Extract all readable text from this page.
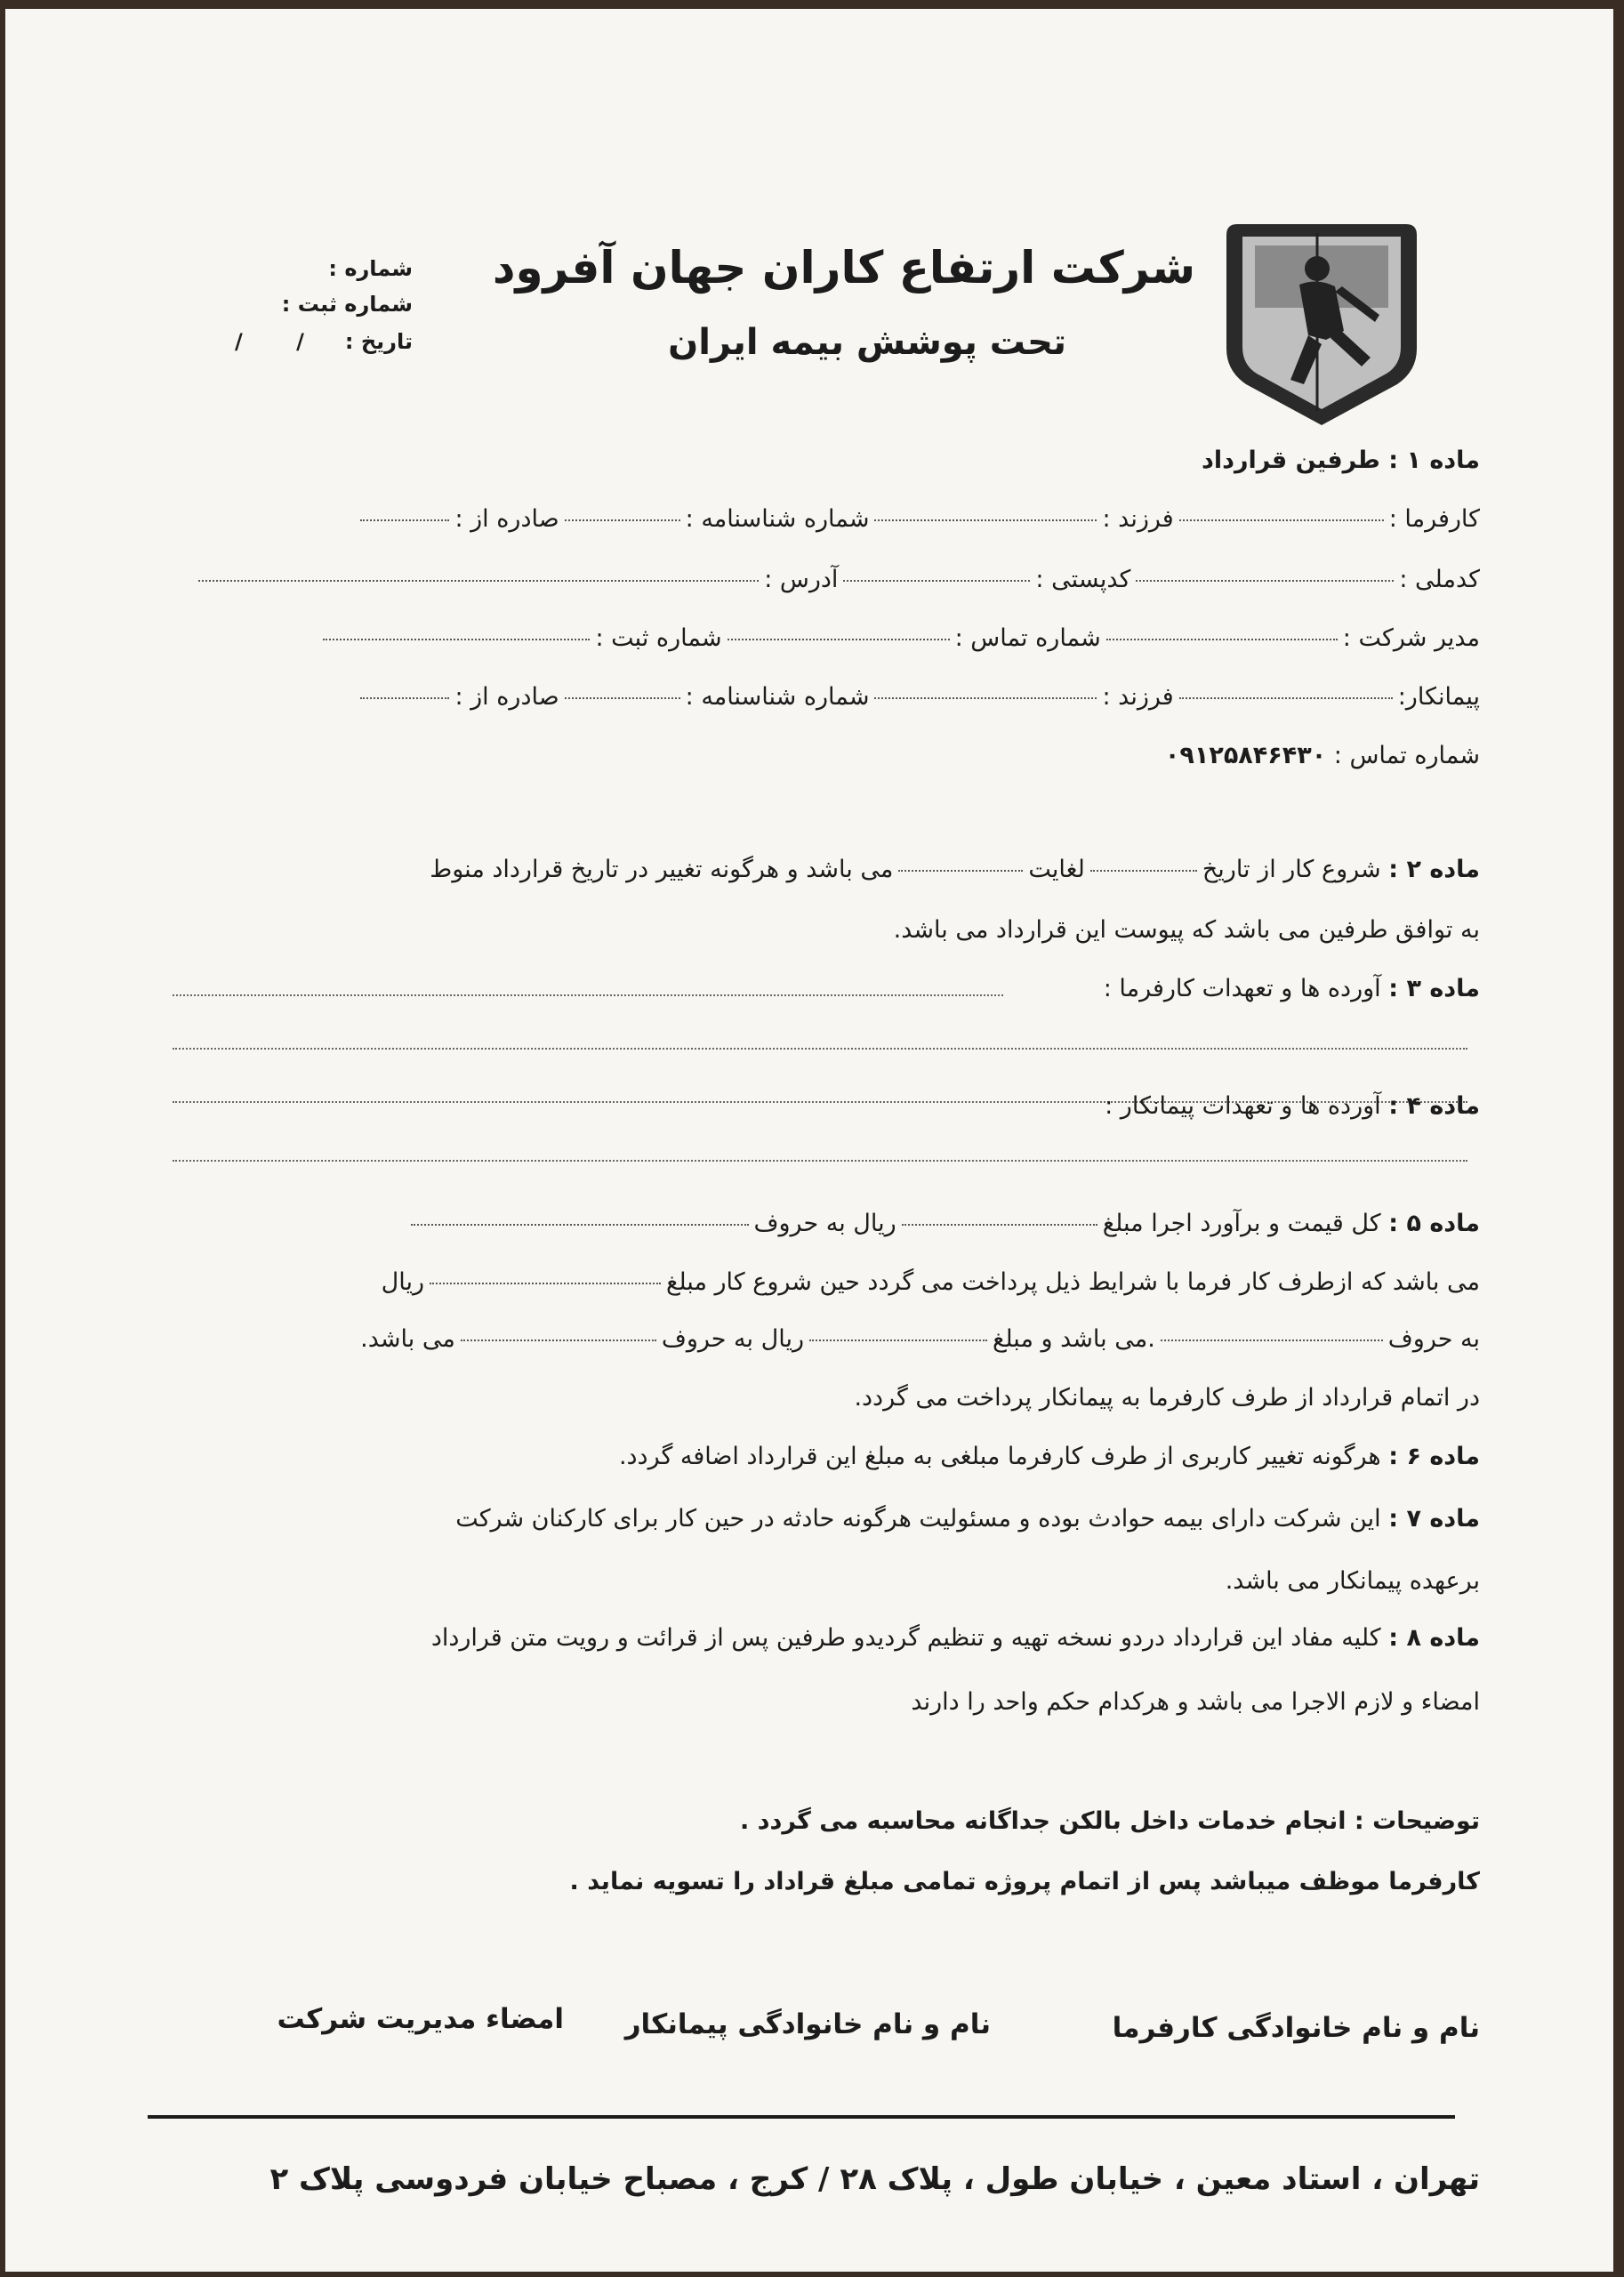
شرکت ارتفاع کاران جهان آفرود
تحت پوشش بیمه ایران
شماره :
شماره ثبت :
تاریخ :
/ /
ماده ۱ : طرفین قرارداد
کارفرما :فرزند :شماره شناسنامه :صادره از :
کدملی :کدپستی :آدرس :
مدیر شرکت :شماره تماس :شماره ثبت :
پیمانکار:فرزند :شماره شناسنامه :صادره از :
شماره تماس : ۰۹۱۲۵۸۴۶۴۳۰
ماده ۲ : شروع کار از تاریخلغایتمی باشد و هرگونه تغییر در تاریخ قرارداد منوط
به توافق طرفین می باشد که پیوست این قرارداد می باشد.
ماده ۳ : آورده ها و تعهدات کارفرما :
ماده ۴ : آورده ها و تعهدات پیمانکار :
ماده ۵ : کل قیمت و برآورد اجرا مبلغریال به حروف
می باشد که ازطرف کار فرما با شرایط ذیل پرداخت می گردد حین شروع کار مبلغریال
به حروف.می باشد و مبلغریال به حروفمی باشد.
در اتمام قرارداد از طرف کارفرما به پیمانکار پرداخت می گردد.
ماده ۶ : هرگونه تغییر کاربری از طرف کارفرما مبلغی به مبلغ این قرارداد اضافه گردد.
ماده ۷ : این شرکت دارای بیمه حوادث بوده و مسئولیت هرگونه حادثه در حین کار برای کارکنان شرکت
برعهده پیمانکار می باشد.
ماده ۸ : کلیه مفاد این قرارداد دردو نسخه تهیه و تنظیم گردیدو طرفین پس از قرائت و رویت متن قرارداد
امضاء و لازم الاجرا می باشد و هرکدام حکم واحد را دارند
توضیحات : انجام خدمات داخل بالکن جداگانه محاسبه می گردد .
کارفرما موظف میباشد پس از اتمام پروژه تمامی مبلغ قراداد را تسویه نماید .
نام و نام خانوادگی کارفرما
نام و نام خانوادگی پیمانکار
امضاء مدیریت شرکت
تهران ، استاد معین ، خیابان طول ، پلاک ۲۸ / کرج ، مصباح خیابان فردوسی پلاک ۲
